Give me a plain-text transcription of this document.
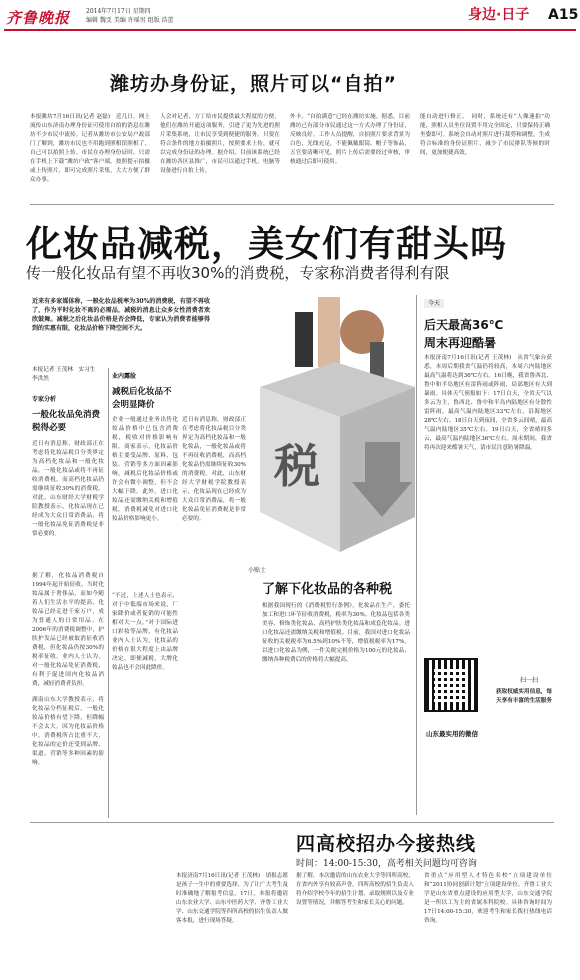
齐鲁晚报	2014年7月17日 星期四
编辑 魏爻 美编 许瑶男 组版 浩蕾	身边·日子 A15
潍坊办身份证，照片可以“自拍”
本报潍坊7月16日讯(记者 赵磊)　近几日，网上流传山东济南办理身份证可使用自拍的消息在潍坊不少市民中流传。记者从潍坊市公安局户政部门了解到，潍坊市民也不用跑到照相馆照相了，自己可以拍照上传。市民在办理身份证时，只需在手机上下载“潍坊户政”客户端，按照提示拍摄或上传照片，即可完成照片采集，大大方便了群众办事。
人会对记者，方丁给市民提供最大程度的方便，他们在潍坊开通这项服务，引进了更为先进的照片采集系统，让市民享受到便捷的服务。只要在符合条件的地方拍摄照片，按照要求上传，就可以完成身份证的办理。据介绍，目前该系统已经在潍坊各区县推广，市民可以通过手机、电脑等设备进行自拍上传。
外卡，“自拍满意”已经在潍坊实施。据悉，目前潍坊已有部分市民通过这一方式办理了身份证，反映良好。工作人员提醒，自拍照片要求背景为白色，光线充足，不能佩戴眼镜、帽子等饰品，五官要清晰可见，照片上传后需要经过审核，审核通过后即可使用。
能自动进行修正。　同时，系统还有“人像速拍”功能，照相人员坐位设置不用完全固定，只要保持正确坐姿即可。系统会自动对照片进行裁剪和调整，生成符合标准的身份证照片，减少了市民排队等候的时间，更加便捷高效。
化妆品减税，美女们有甜头吗
传一般化妆品有望不再收30%的消费税，专家称消费者得利有限
近来有多家媒体称，一般化妆品税率为30%的消费税，有望不再收了，作为平时化妆不离的必需品，减税的消息让众多女性消费者欢欣鼓舞。减税之后化妆品价格是否会降低，专家认为消费者能够得到的实惠有限，化妆品价格下降空间不大。
本报记者 王茂林　实习生 李洪然
专家分析
一般化妆品免消费税得必要
近日有消息称，财政部正在考虑将化妆品税目分类界定为高档化妆品和一般化妆品，一般化妆品或将不再征收消费税，而高档化妆品仍需继续征收30%的消费税。对此，山东财经大学财税学院教授表示，化妆品现在已经成为大众日常消费品，将一般化妆品免征消费税是非常必要的。
据了解，化妆品消费税自1994年起开始征收，当时化妆品属于奢侈品，而如今随着人们生活水平的提高，化妆品已经走进千家万户，成为普通人的日常用品。在2006年的消费税调整中，护肤护发品已经被取消征收消费税，但化妆品仍按30%的税率征收。业内人士认为，对一般化妆品免征消费税，有利于促进国内化妆品消费，减轻消费者负担。
湖南山东大学教授表示，将化妆品分档征税后，一般化妆品价格有望下降，但降幅不会太大。因为化妆品价格中，消费税所占比重不大，化妆品的定价还受到品牌、渠道、营销等多种因素的影响。
业内露脸
减税后化妆品不会明显降价
企业一般通过业务出售化妆品价格中已包含消费税，税收对价格影响有限。商家表示，化妆品价格主要受品牌、原料、包装、营销等多方面因素影响，减税后化妆品价格或许会有微小调整，但不会大幅下降。此外，进口化妆品还需缴纳关税和增值税，消费税减免对进口化妆品价格影响更小。
“不过，上述人士也表示，对于中低端市场来说，厂家降价或者促销的可能性相对大一点。”对于国际进口彩妆等品牌，有化妆品业内人士认为，化妆品的价格在很大程度上由品牌决定，即便减税，大牌化妆品也不会因此降价。
近日有消息称，财政部正在考虑将化妆品税目分类界定为高档化妆品和一般化妆品，一般化妆品或将不再征收消费税，而高档化妆品仍需继续征收30%的消费税。对此，山东财经大学财税学院教授表示，化妆品现在已经成为大众日常消费品，将一般化妆品免征消费税是非常必要的。
税
小贴士
了解下化妆品的各种税
根据我国现行的《消费税暂行条例》，化妆品在生产、委托加工和进口环节征收消费税，税率为30%。化妆品包括各类美容、修饰类化妆品，高档护肤类化妆品和成套化妆品。进口化妆品还需缴纳关税和增值税。目前，我国对进口化妆品征收的关税税率为6.5%到10%不等，增值税税率为17%。以进口化妆品为例，一件关税完税价格为100元的化妆品，缴纳各种税费后的价格将大幅提高。
今天
后天最高36℃
周末再迎酷暑
本报济南7月16日讯(记者 王茂林)　从省气象台获悉，本周后期我省气温仍将较高，本周六内陆地区最高气温将达到36℃左右。16日晚，我省鲁西北、鲁中和半岛地区有雷阵雨或阵雨，局部地区有大到暴雨。具体天气预报如下：17日白天，全省天气以多云为主，鲁西北、鲁中和半岛内陆地区有分散性雷阵雨，最高气温内陆地区33℃左右，沿海地区28℃左右。18日白天到夜间，全省多云间晴，最高气温内陆地区35℃左右。19日白天，全省晴间多云，最高气温内陆地区36℃左右。周末期间，我省将再次迎来酷暑天气，请市民注意防暑降温。
扫一扫
获取权威实用信息，每天享有丰富的生活服务
山东最实用的微信
四高校招办今接热线
时间：14:00-15:30，高考相关问题均可咨询
本报济南7月16日讯(记者 王茂林)　填报志愿是孩子一生中的重要选择，为了让广大考生及时准确地了解报考信息，17日，本报将邀请山东农业大学、山东中医药大学、齐鲁工业大学、山东交通学院等四所高校的招生负责人做客本报，进行现场答疑。
据了解，本次邀请的山东农业大学等四所高校，在省内外享有较高声誉。四所高校的招生负责人将介绍学校今年的招生计划、录取规则以及专业设置等情况，并解答考生和家长关心的问题。
省重点“应用型人才特色名校”立项建设单位和“2011协同创新计划”立项建设单位。齐鲁工业大学是山东省重点建设的应用型大学，山东交通学院是一所以工为主的省属本科院校。具体咨询时间为17日14:00-15:30，欢迎考生和家长拨打热线电话咨询。
